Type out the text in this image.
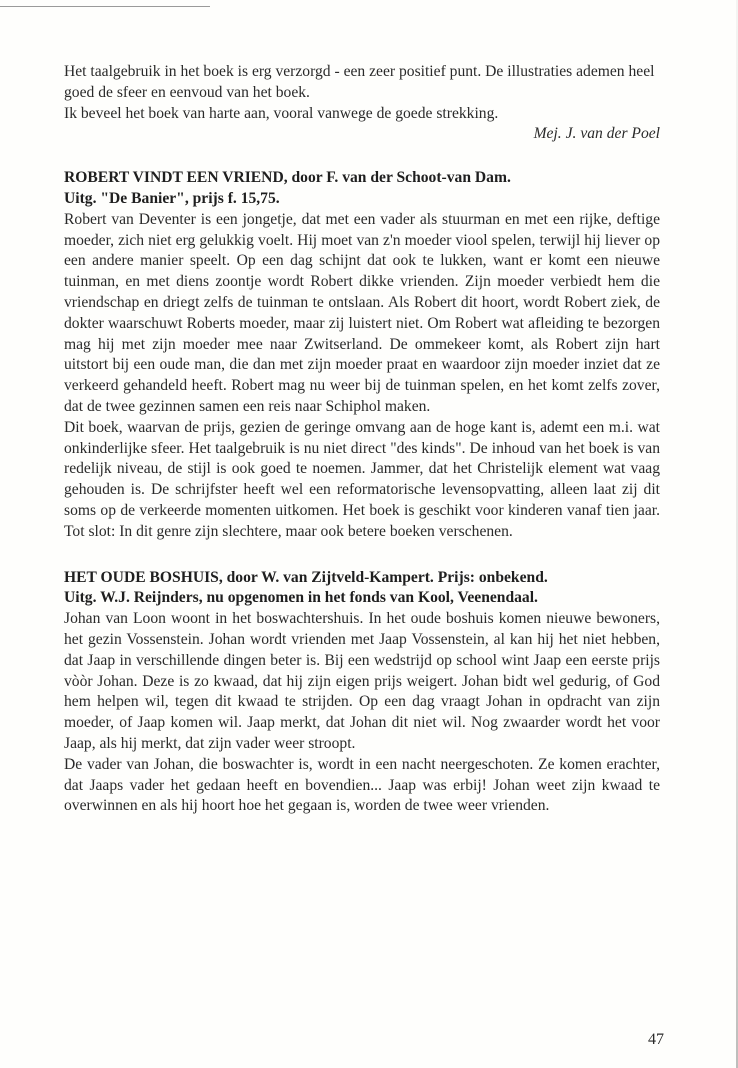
Het taalgebruik in het boek is erg verzorgd - een zeer positief punt. De illustraties ademen heel goed de sfeer en eenvoud van het boek.

Ik beveel het boek van harte aan, vooral vanwege de goede strekking.

Mej. J. van der Poel

ROBERT VINDT EEN VRIEND, door F. van der Schoot-van Dam.

Uitg. "De Banier", prijs f. 15,75.

Robert van Deventer is een jongetje, dat met een vader als stuurman en met een rijke, deftige moeder, zich niet erg gelukkig voelt. Hij moet van z'n moeder viool spelen, terwijl hij liever op een andere manier speelt. Op een dag schijnt dat ook te lukken, want er komt een nieuwe tuinman, en met diens zoontje wordt Robert dikke vrienden. Zijn moeder verbiedt hem die vriendschap en driegt zelfs de tuinman te ontslaan. Als Robert dit hoort, wordt Robert ziek, de dokter waarschuwt Roberts moeder, maar zij luistert niet. Om Robert wat afleiding te bezorgen mag hij met zijn moeder mee naar Zwitserland. De ommekeer komt, als Robert zijn hart uitstort bij een oude man, die dan met zijn moeder praat en waardoor zijn moeder inziet dat ze verkeerd gehandeld heeft. Robert mag nu weer bij de tuinman spelen, en het komt zelfs zover, dat de twee gezinnen samen een reis naar Schiphol maken.

Dit boek, waarvan de prijs, gezien de geringe omvang aan de hoge kant is, ademt een m.i. wat onkinderlijke sfeer. Het taalgebruik is nu niet direct "des kinds". De inhoud van het boek is van redelijk niveau, de stijl is ook goed te noemen. Jammer, dat het Christelijk element wat vaag gehouden is. De schrijfster heeft wel een reformatorische levensopvatting, alleen laat zij dit soms op de verkeerde momenten uitkomen. Het boek is geschikt voor kinderen vanaf tien jaar. Tot slot: In dit genre zijn slechtere, maar ook betere boeken verschenen.

HET OUDE BOSHUIS, door W. van Zijtveld-Kampert. Prijs: onbekend.

Uitg. W.J. Reijnders, nu opgenomen in het fonds van Kool, Veenendaal.

Johan van Loon woont in het boswachtershuis. In het oude boshuis komen nieuwe bewoners, het gezin Vossenstein. Johan wordt vrienden met Jaap Vossenstein, al kan hij het niet hebben, dat Jaap in verschillende dingen beter is. Bij een wedstrijd op school wint Jaap een eerste prijs vòòr Johan. Deze is zo kwaad, dat hij zijn eigen prijs weigert. Johan bidt wel gedurig, of God hem helpen wil, tegen dit kwaad te strijden. Op een dag vraagt Johan in opdracht van zijn moeder, of Jaap komen wil. Jaap merkt, dat Johan dit niet wil. Nog zwaarder wordt het voor Jaap, als hij merkt, dat zijn vader weer stroopt.

De vader van Johan, die boswachter is, wordt in een nacht neergeschoten. Ze komen erachter, dat Jaaps vader het gedaan heeft en bovendien... Jaap was erbij! Johan weet zijn kwaad te overwinnen en als hij hoort hoe het gegaan is, worden de twee weer vrienden.

47
